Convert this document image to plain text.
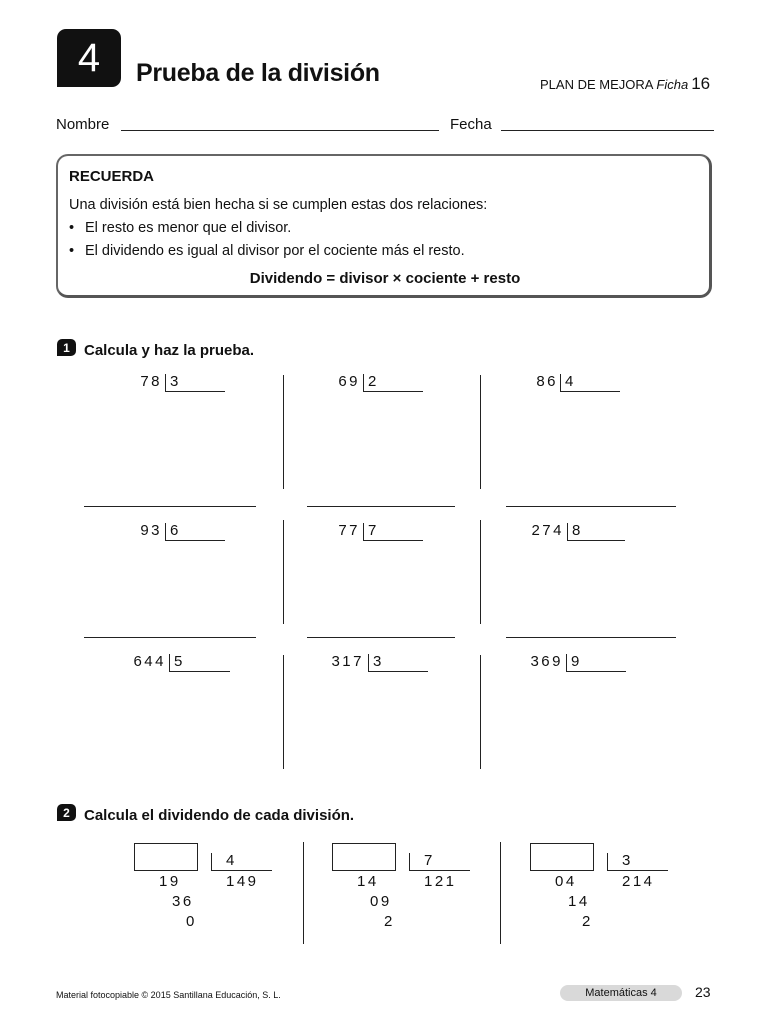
4 Prueba de la división	PLAN DE MEJORA Ficha 16
Nombre	Fecha
RECUERDA
Una división está bien hecha si se cumplen estas dos relaciones:
• El resto es menor que el divisor.
• El dividendo es igual al divisor por el cociente más el resto.
Dividendo = divisor × cociente + resto
1 Calcula y haz la prueba.
78 3	69 2	86 4
93 6	77 7	274 8
644 5	317 3	369 9
2 Calcula el dividendo de cada división.
4
19	149
36
0
7
14	121
09
2
3
04	214
14
2
Material fotocopiable © 2015 Santillana Educación, S. L.	Matemáticas 4	23
